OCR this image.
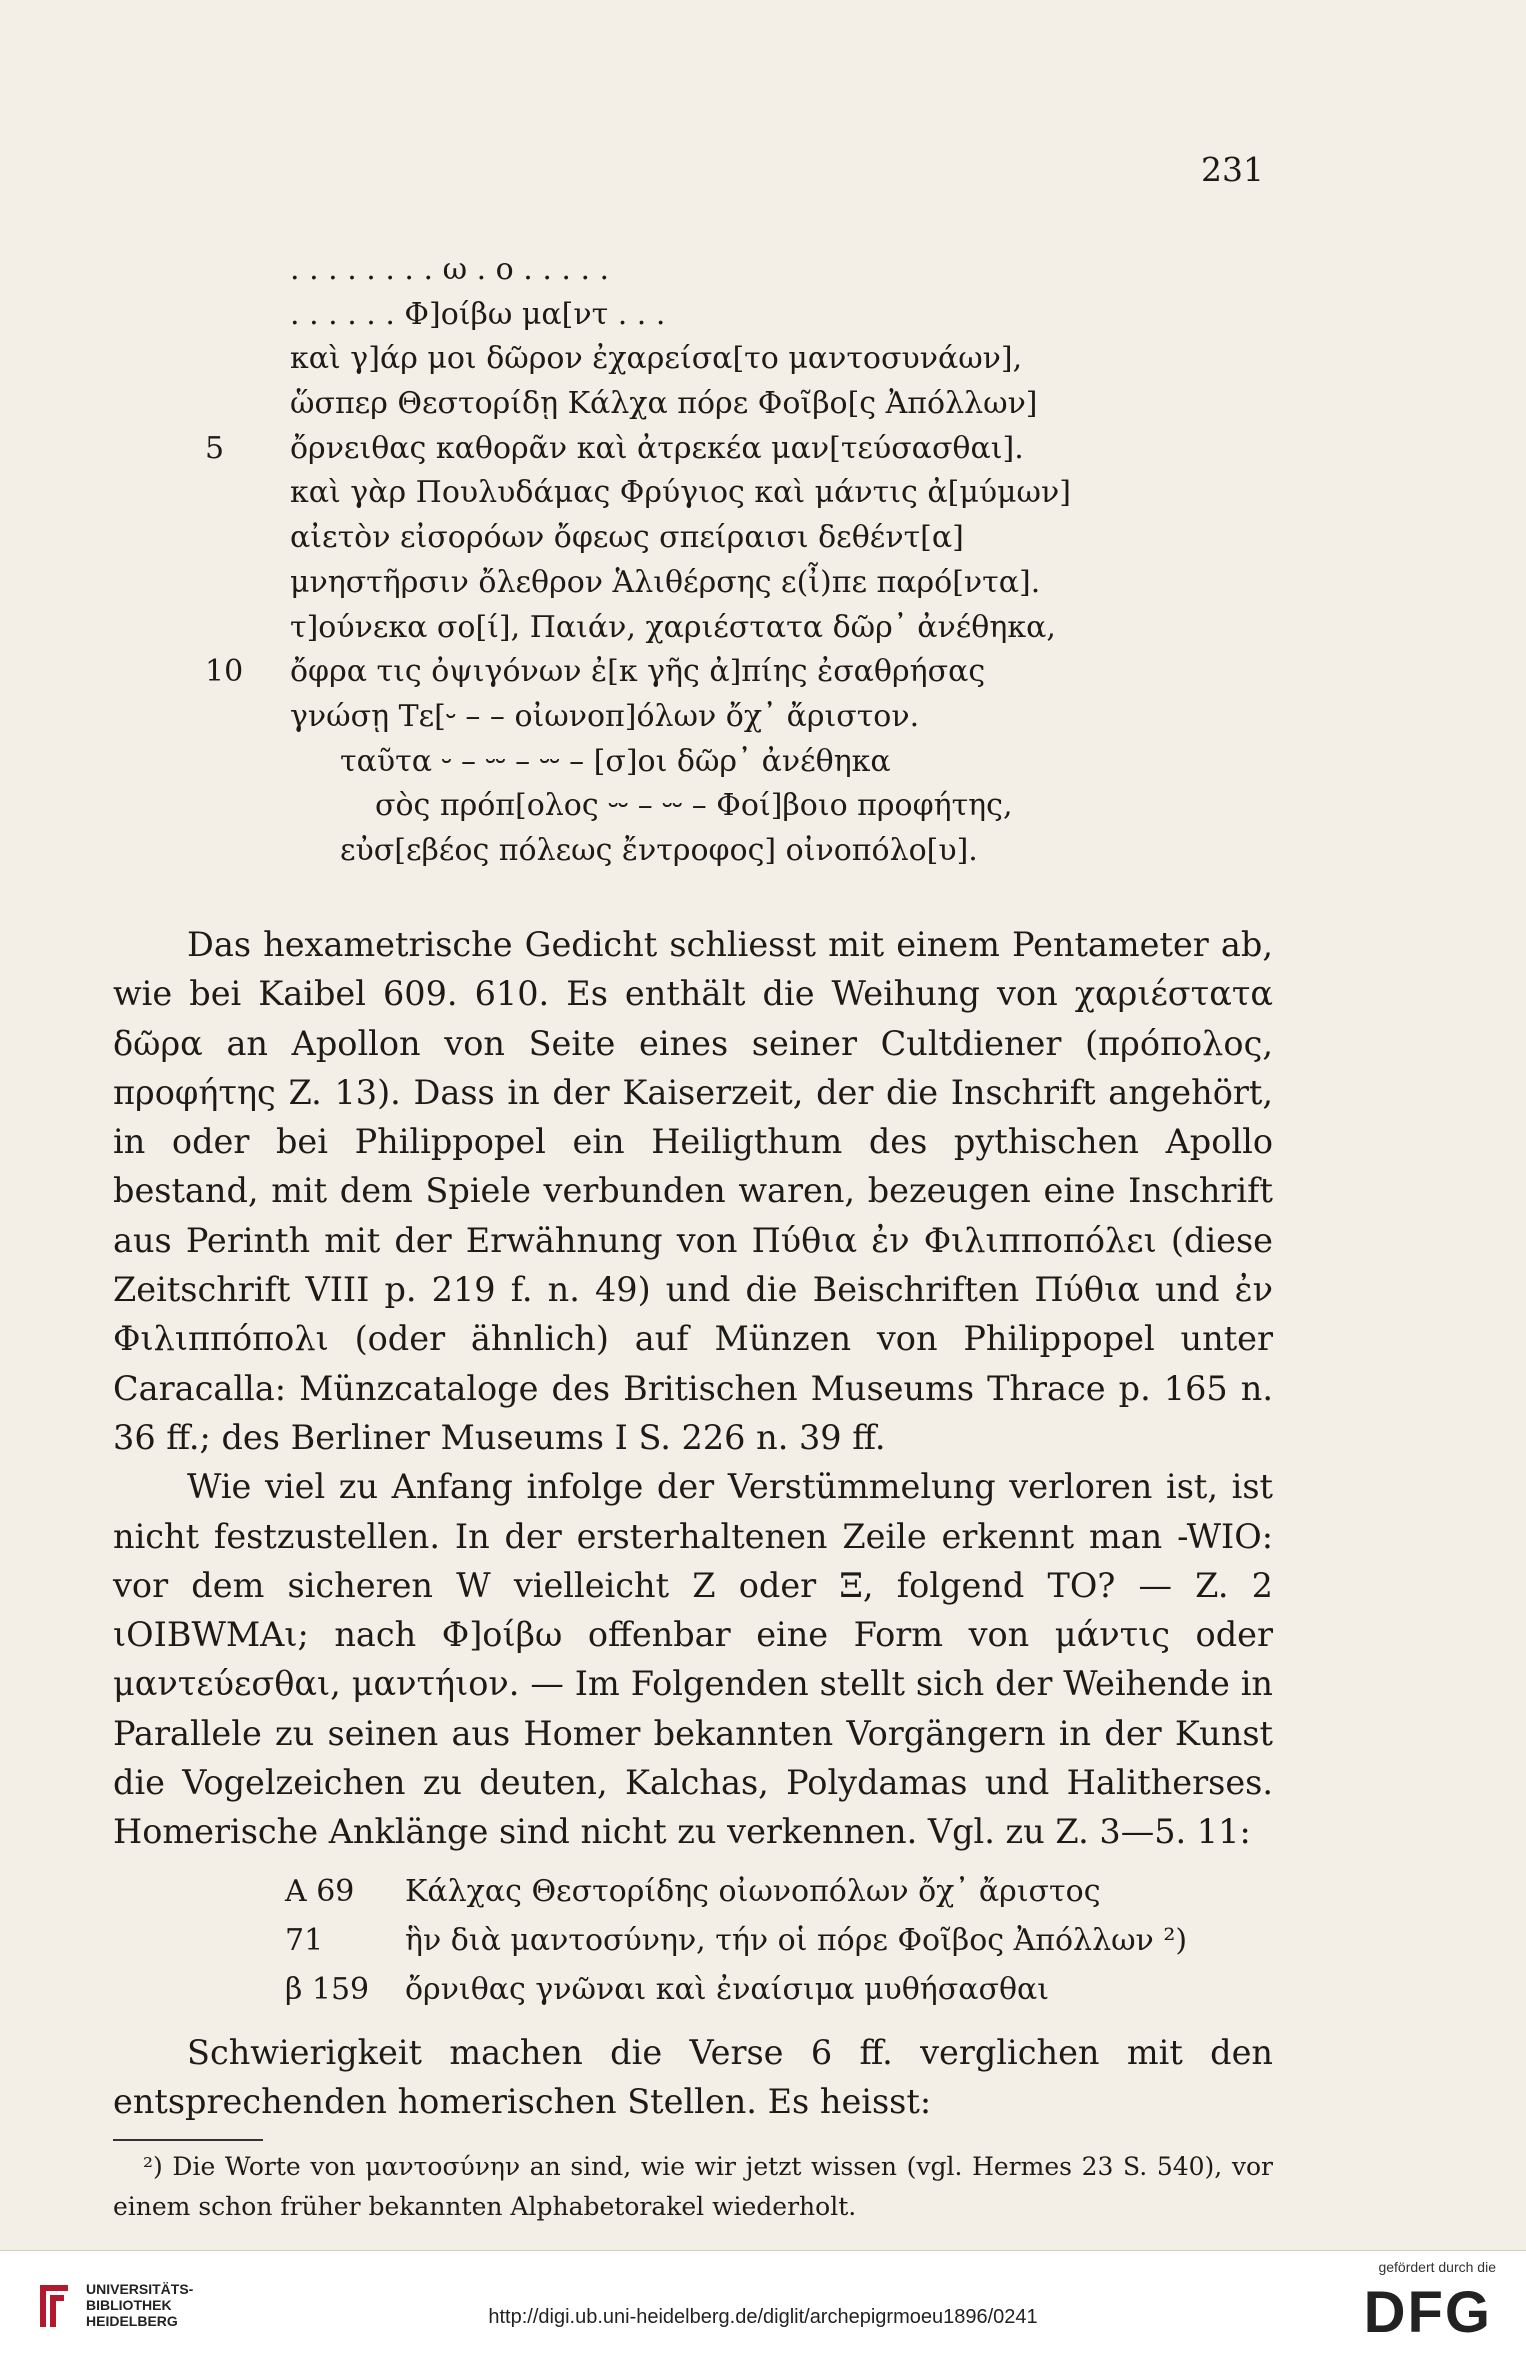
231
. . . . . . . . ω . ο . . . . .
. . . . . . Φ]οίβω μα[ντ . . .
καὶ γ]άρ μοι δῶρον ἐχαρείσα[το μαντοσυνάων],
ὥσπερ Θεστορίδῃ Κάλχα πόρε Φοῖβο[ς Ἀπόλλων]
5	ὄρνειθας καθορᾶν καὶ ἀτρεκέα μαν[τεύσασθαι].
καὶ γὰρ Πουλυδάμας Φρύγιος καὶ μάντις ἀ[μύμων]
αἰετὸν εἰσορόων ὄφεως σπείραισι δεθέντ[α]
μνηστῆρσιν ὄλεθρον Ἁλιθέρσης ε(ἶ)πε παρό[ντα].
τ]ούνεκα σο[ί], Παιάν, χαριέστατα δῶρ᾽ ἀνέθηκα,
10 ὄφρα τις ὀψιγόνων ἐ[κ γῆς ἀ]πίης ἐσαθρήσας
γνώσῃ Τε[⏑ – – οἰωνοπ]όλων ὄχ᾽ ἄριστον.
ταῦτα ⏑ – ⏑⏑ – ⏑⏑ – [σ]οι δῶρ᾽ ἀνέθηκα
σὸς πρόπ[ολος ⏑⏑ – ⏑⏑ – Φοί]βοιο προφήτης,
εὐσ[εβέος πόλεως ἔντροφος] οἰνοπόλο[υ].

Das hexametrische Gedicht schliesst mit einem Pentameter ab, wie bei Kaibel 609. 610. Es enthält die Weihung von χαριέστατα δῶρα an Apollon von Seite eines seiner Cultdiener (πρόπολος, προφήτης Z. 13). Dass in der Kaiserzeit, der die Inschrift angehört, in oder bei Philippopel ein Heiligthum des pythischen Apollo bestand, mit dem Spiele verbunden waren, bezeugen eine Inschrift aus Perinth mit der Erwähnung von Πύθια ἐν Φιλιπποπόλει (diese Zeitschrift VIII p. 219 f. n. 49) und die Beischriften Πύθια und ἐν Φιλιππόπολι (oder ähnlich) auf Münzen von Philippopel unter Caracalla: Münzcataloge des Britischen Museums Thrace p. 165 n. 36 ff.; des Berliner Museums I S. 226 n. 39 ff.

Wie viel zu Anfang infolge der Verstümmelung verloren ist, ist nicht festzustellen. In der ersterhaltenen Zeile erkennt man -WIO: vor dem sicheren W vielleicht Z oder Ξ, folgend TO? — Z. 2 ιOIBWMAι; nach Φ]οίβω offenbar eine Form von μάντις oder μαντεύεσθαι, μαντήιον. — Im Folgenden stellt sich der Weihende in Parallele zu seinen aus Homer bekannten Vorgängern in der Kunst die Vogelzeichen zu deuten, Kalchas, Polydamas und Halitherses. Homerische Anklänge sind nicht zu verkennen. Vgl. zu Z. 3—5. 11:

A 69	Κάλχας Θεστορίδης οἰωνοπόλων ὄχ᾽ ἄριστος
71	ἣν διὰ μαντοσύνην, τήν οἱ πόρε Φοῖβος Ἀπόλλων ²)
β 159	ὄρνιθας γνῶναι καὶ ἐναίσιμα μυθήσασθαι

Schwierigkeit machen die Verse 6 ff. verglichen mit den entsprechenden homerischen Stellen. Es heisst:

²) Die Worte von μαντοσύνην an sind, wie wir jetzt wissen (vgl. Hermes 23 S. 540), vor einem schon früher bekannten Alphabetorakel wiederholt.

UNIVERSITÄTS-
BIBLIOTHEK
HEIDELBERG	http://digi.ub.uni-heidelberg.de/diglit/archepigrmoeu1896/0241
gefördert durch die
DFG
